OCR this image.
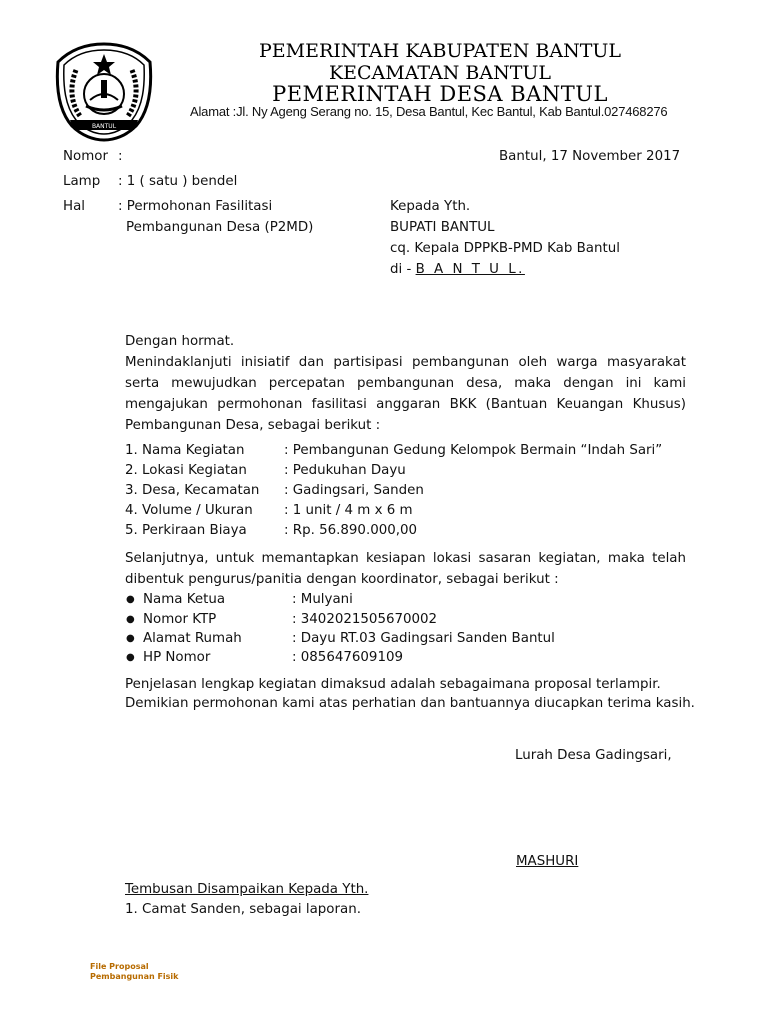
BANTUL
PEMERINTAH KABUPATEN BANTUL
KECAMATAN BANTUL
PEMERINTAH DESA BANTUL
Alamat :Jl. Ny Ageng Serang no. 15, Desa Bantul, Kec Bantul, Kab Bantul.027468276
Nomor :	Bantul, 17 November 2017
Lamp : 1 ( satu ) bendel
Hal : Permohonan Fasilitasi
Pembangunan Desa (P2MD)
Kepada Yth.
BUPATI BANTUL
cq. Kepala DPPKB-PMD Kab Bantul
di - B A N T U L.
Dengan hormat.
Menindaklanjuti inisiatif dan partisipasi pembangunan oleh warga masyarakat serta mewujudkan percepatan pembangunan desa, maka dengan ini kami mengajukan permohonan fasilitasi anggaran BKK (Bantuan Keuangan Khusus) Pembangunan Desa, sebagai berikut :
1. Nama Kegiatan	: Pembangunan Gedung Kelompok Bermain “Indah Sari”
2. Lokasi Kegiatan	: Pedukuhan Dayu
3. Desa, Kecamatan : Gadingsari, Sanden
4. Volume / Ukuran : 1 unit / 4 m x 6 m
5. Perkiraan Biaya	: Rp. 56.890.000,00
Selanjutnya, untuk memantapkan kesiapan lokasi sasaran kegiatan, maka telah dibentuk pengurus/panitia dengan koordinator, sebagai berikut :
● Nama Ketua	: Mulyani
● Nomor KTP	: 3402021505670002
● Alamat Rumah	: Dayu RT.03 Gadingsari Sanden Bantul
● HP Nomor	: 085647609109
Penjelasan lengkap kegiatan dimaksud adalah sebagaimana proposal terlampir.
Demikian permohonan kami atas perhatian dan bantuannya diucapkan terima kasih.
Lurah Desa Gadingsari,
MASHURI
Tembusan Disampaikan Kepada Yth.
1. Camat Sanden, sebagai laporan.
File Proposal
Pembangunan Fisik
